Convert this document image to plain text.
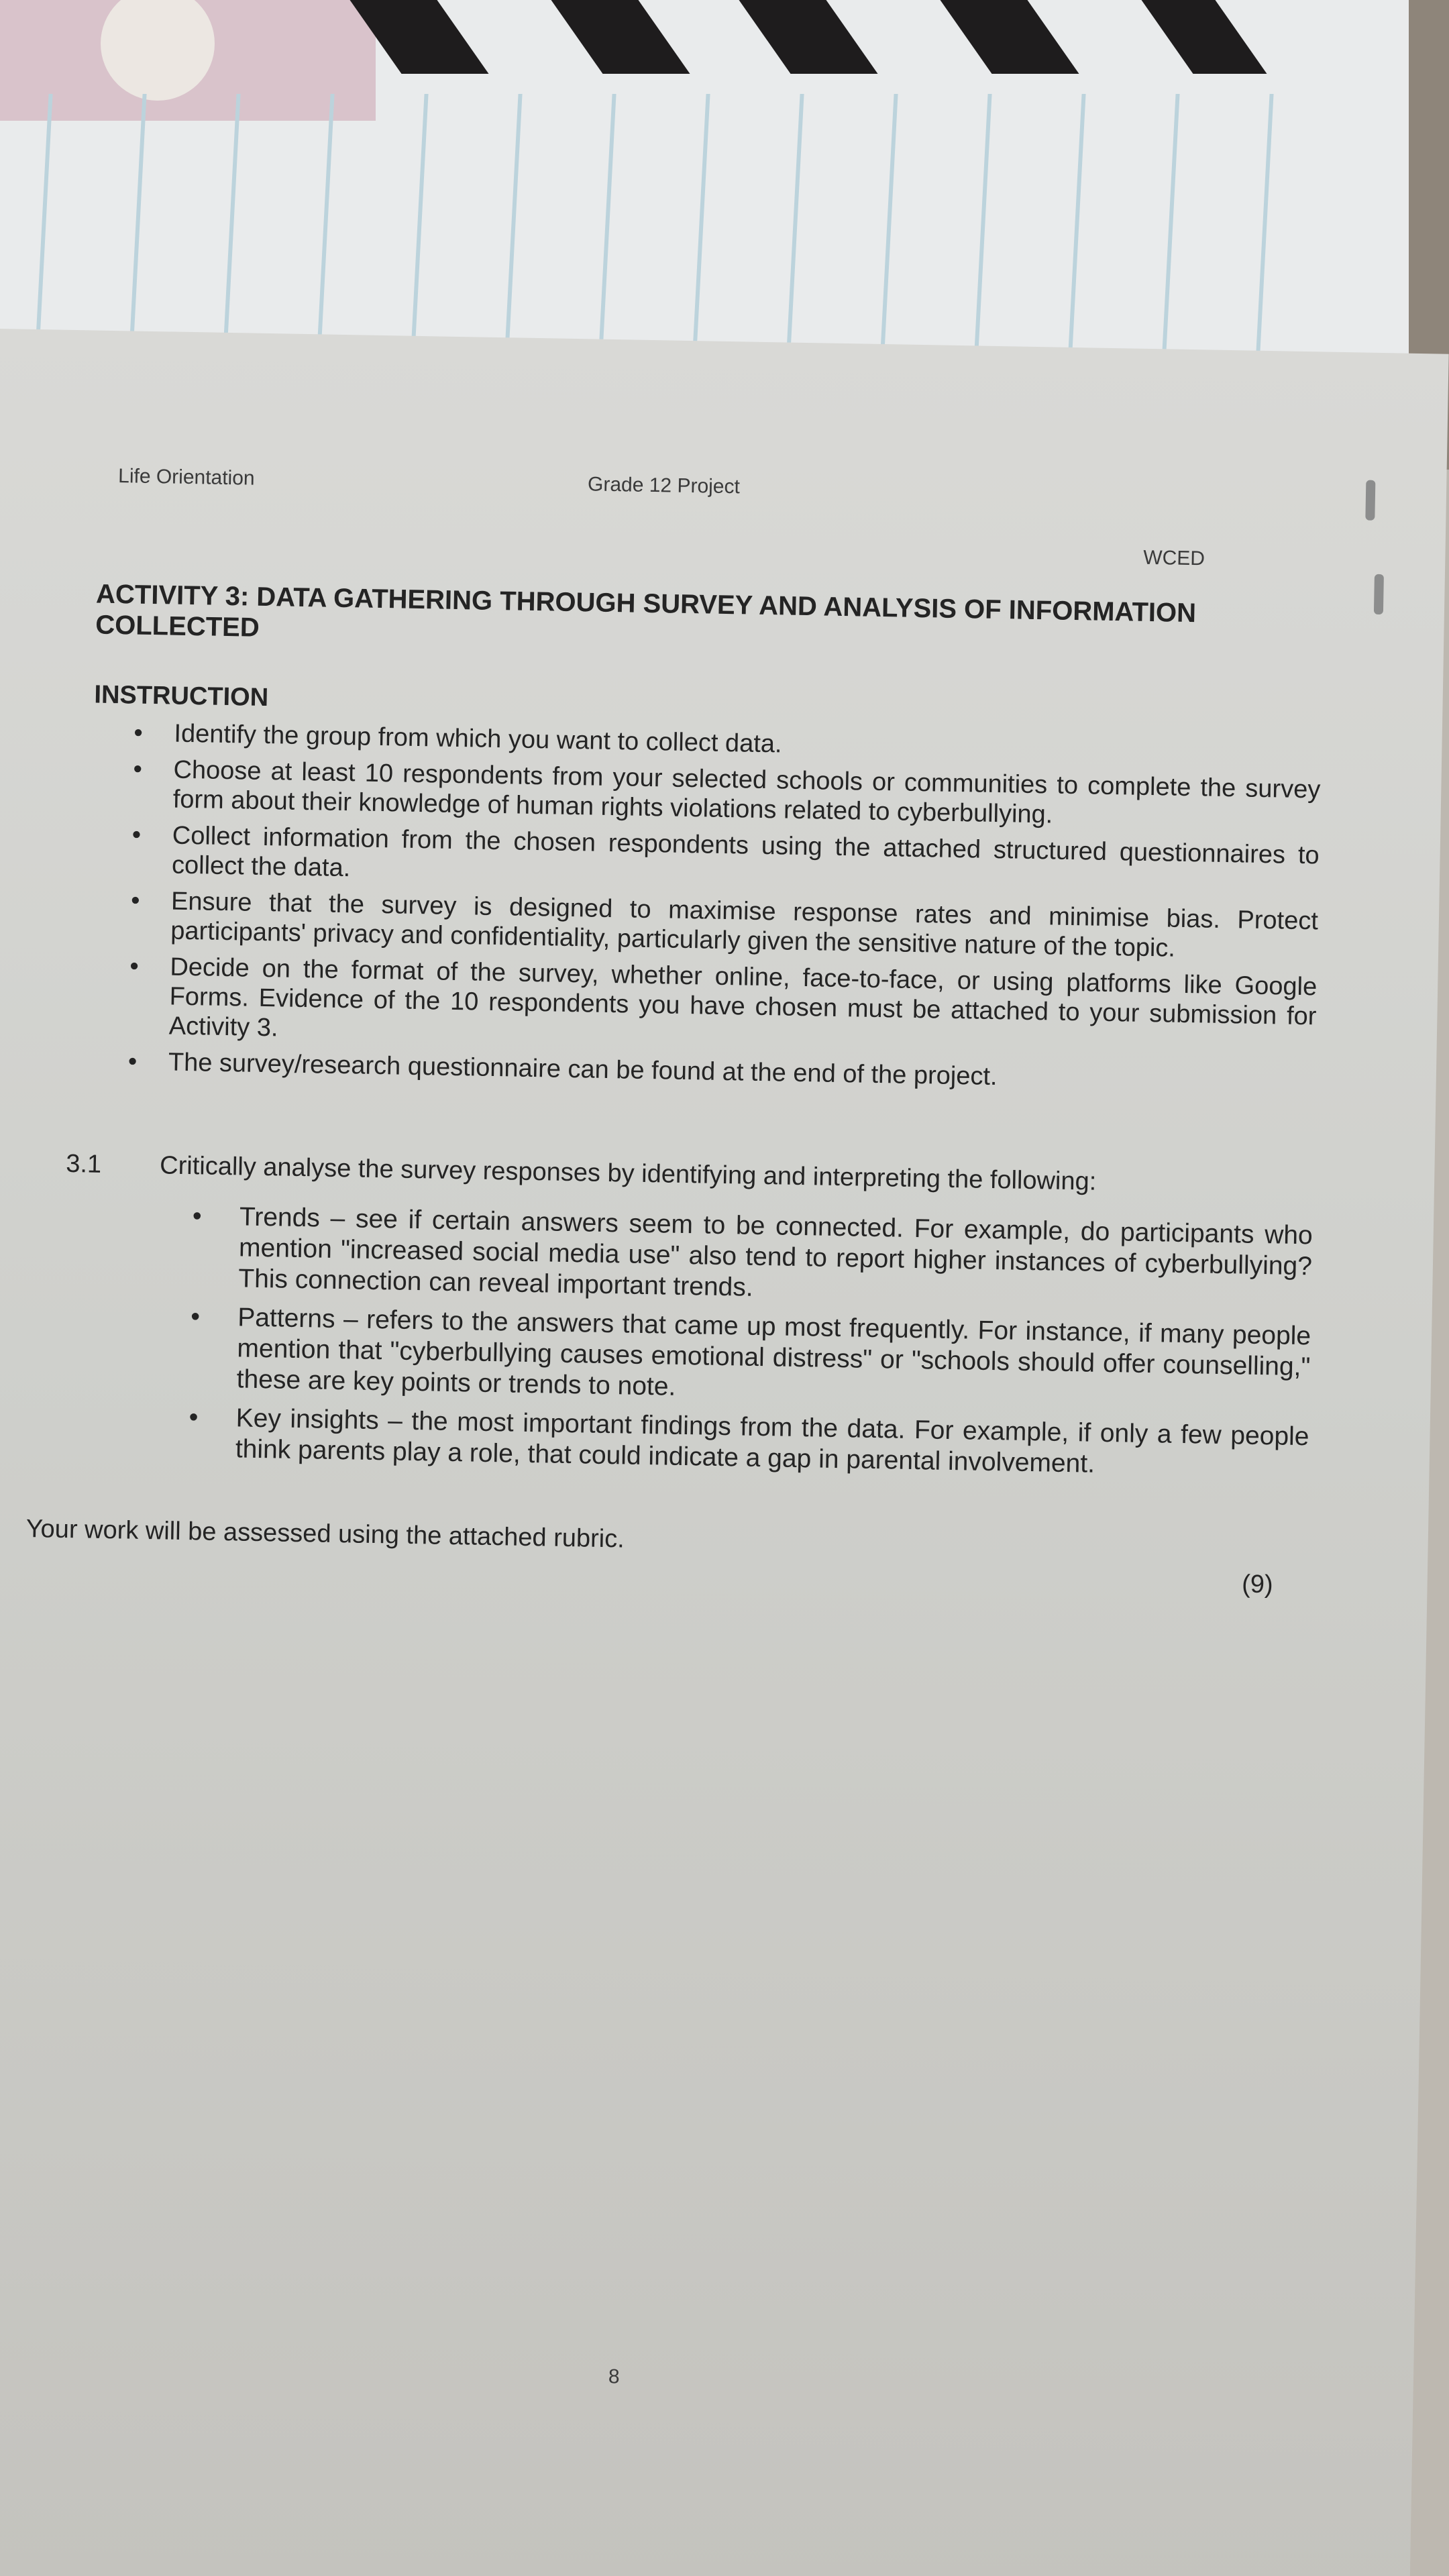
Life Orientation	Grade 12 Project
WCED
ACTIVITY 3: DATA GATHERING THROUGH SURVEY AND ANALYSIS OF INFORMATION COLLECTED
INSTRUCTION
• Identify the group from which you want to collect data.
• Choose at least 10 respondents from your selected schools or communities to complete the survey form about their knowledge of human rights violations related to cyberbullying.
• Collect information from the chosen respondents using the attached structured questionnaires to collect the data.
• Ensure that the survey is designed to maximise response rates and minimise bias. Protect participants' privacy and confidentiality, particularly given the sensitive nature of the topic.
• Decide on the format of the survey, whether online, face-to-face, or using platforms like Google Forms. Evidence of the 10 respondents you have chosen must be attached to your submission for Activity 3.
• The survey/research questionnaire can be found at the end of the project.
3.1 Critically analyse the survey responses by identifying and interpreting the following:
• Trends – see if certain answers seem to be connected. For example, do participants who mention "increased social media use" also tend to report higher instances of cyberbullying? This connection can reveal important trends.
• Patterns – refers to the answers that came up most frequently. For instance, if many people mention that "cyberbullying causes emotional distress" or "schools should offer counselling," these are key points or trends to note.
• Key insights – the most important findings from the data. For example, if only a few people think parents play a role, that could indicate a gap in parental involvement.
Your work will be assessed using the attached rubric.
(9)
8
